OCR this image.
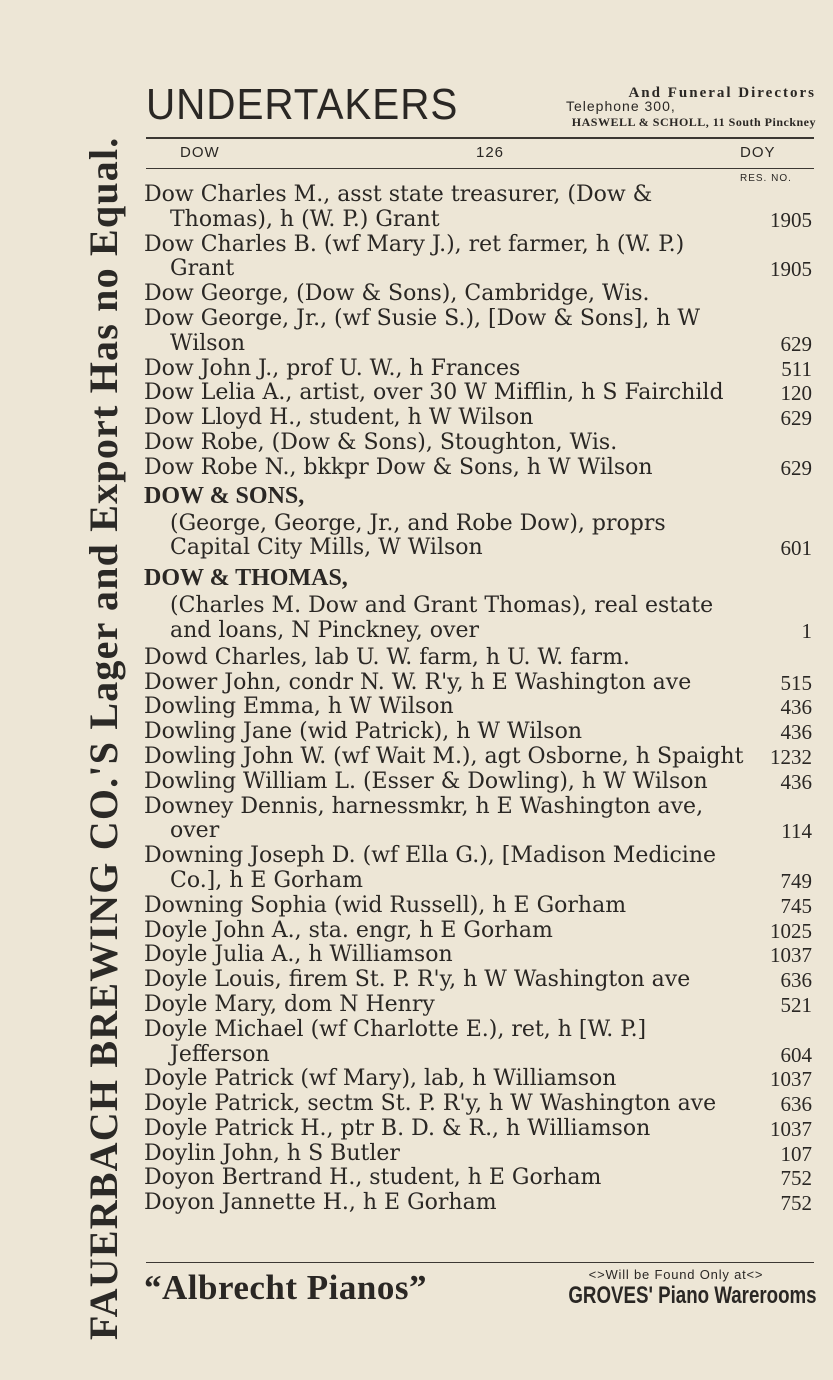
FAUERBACH BREWING CO.'S Lager and Export Has no Equal.
UNDERTAKERS	And Funeral Directors
Telephone 300,
HASWELL & SCHOLL, 11 South Pinckney
DOW	126	DOY
RES. NO.
Dow Charles M., asst state treasurer, (Dow & Thomas), h (W. P.) Grant	1905
Dow Charles B. (wf Mary J.), ret farmer, h (W. P.) Grant	1905
Dow George, (Dow & Sons), Cambridge, Wis.
Dow George, Jr., (wf Susie S.), [Dow & Sons], h W Wilson	629
Dow John J., prof U. W., h Frances	511
Dow Lelia A., artist, over 30 W Mifflin, h S Fairchild	120
Dow Lloyd H., student, h W Wilson	629
Dow Robe, (Dow & Sons), Stoughton, Wis.
Dow Robe N., bkkpr Dow & Sons, h W Wilson	629
DOW & SONS,
(George, George, Jr., and Robe Dow), proprs Capital City Mills, W Wilson	601
DOW & THOMAS,
(Charles M. Dow and Grant Thomas), real estate and loans, N Pinckney, over	1
Dowd Charles, lab U. W. farm, h U. W. farm.
Dower John, condr N. W. R'y, h E Washington ave	515
Dowling Emma, h W Wilson	436
Dowling Jane (wid Patrick), h W Wilson	436
Dowling John W. (wf Wait M.), agt Osborne, h Spaight	1232
Dowling William L. (Esser & Dowling), h W Wilson	436
Downey Dennis, harnessmkr, h E Washington ave, over	114
Downing Joseph D. (wf Ella G.), [Madison Medicine Co.], h E Gorham	749
Downing Sophia (wid Russell), h E Gorham	745
Doyle John A., sta. engr, h E Gorham	1025
Doyle Julia A., h Williamson	1037
Doyle Louis, firem St. P. R'y, h W Washington ave	636
Doyle Mary, dom N Henry	521
Doyle Michael (wf Charlotte E.), ret, h [W. P.] Jefferson	604
Doyle Patrick (wf Mary), lab, h Williamson	1037
Doyle Patrick, sectm St. P. R'y, h W Washington ave	636
Doyle Patrick H., ptr B. D. & R., h Williamson	1037
Doylin John, h S Butler	107
Doyon Bertrand H., student, h E Gorham	752
Doyon Jannette H., h E Gorham	752
“Albrecht Pianos”	<>Will be Found Only at<>
GROVES' Piano Warerooms
